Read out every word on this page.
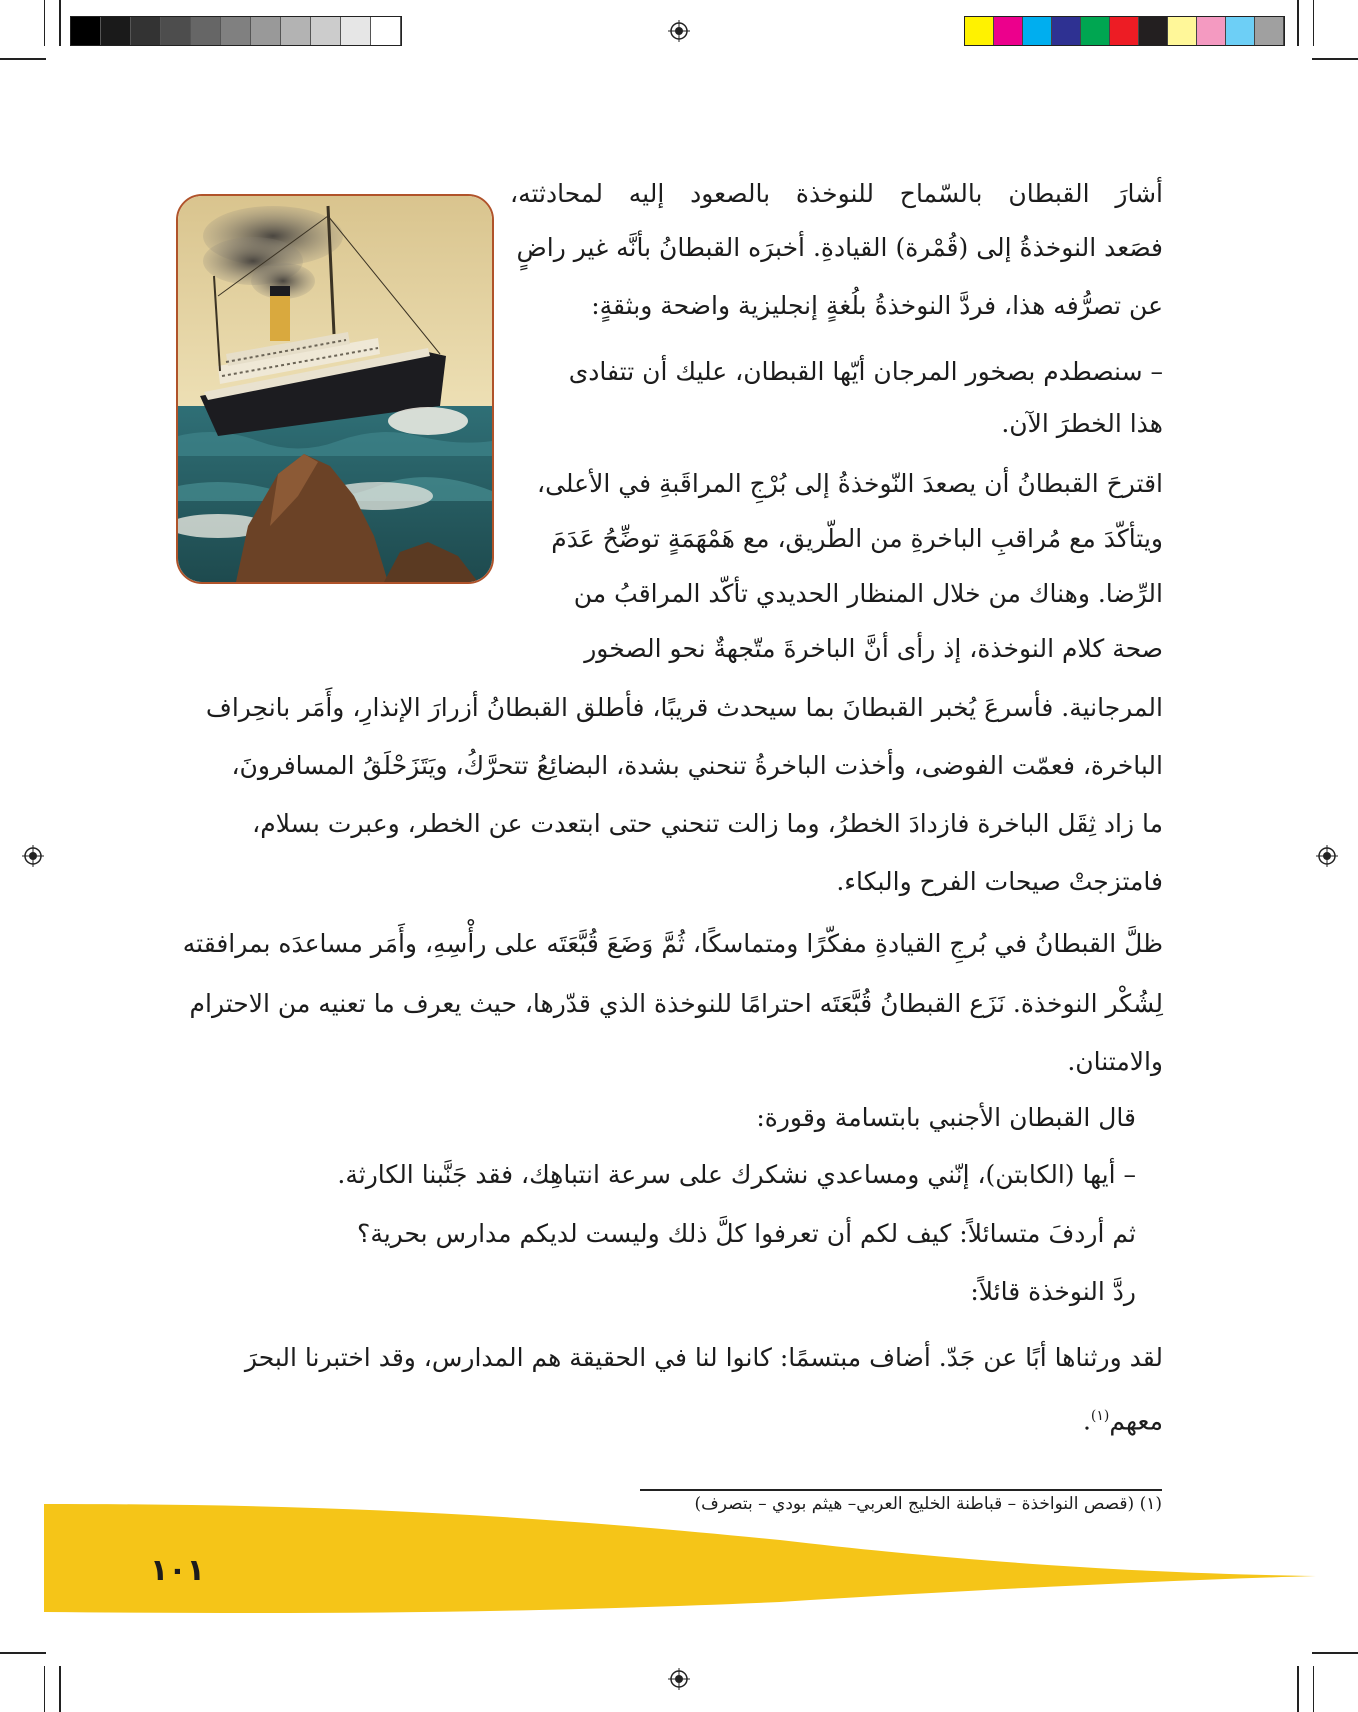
أشارَ القبطان بالسّماح للنوخذة بالصعود إليه لمحادثته،
فصَعد النوخذةُ إلى (قُمْرة) القيادةِ. أخبرَه القبطانُ بأنَّه غير راضٍ
عن تصرُّفه هذا، فردَّ النوخذةُ بلُغةٍ إنجليزية واضحة وبثقةٍ:
– سنصطدم بصخور المرجان أيّها القبطان، عليك أن تتفادى
هذا الخطرَ الآن.
اقترحَ القبطانُ أن يصعدَ النّوخذةُ إلى بُرْجِ المراقَبةِ في الأعلى،
ويتأكّدَ مع مُراقبِ الباخرةِ من الطّريق، مع هَمْهَمَةٍ توضِّحُ عَدَمَ
الرِّضا. وهناك من خلال المنظار الحديدي تأكّد المراقبُ من
صحة كلام النوخذة، إذ رأى أنَّ الباخرةَ متّجهةٌ نحو الصخور
المرجانية. فأسرعَ يُخبر القبطانَ بما سيحدث قريبًا، فأطلق القبطانُ أزرارَ الإنذارِ، وأَمَر بانحِراف
الباخرة، فعمّت الفوضى، وأخذت الباخرةُ تنحني بشدة، البضائِعُ تتحرَّكُ، ويَتَزَحْلَقُ المسافرونَ،
ما زاد ثِقَل الباخرة فازدادَ الخطرُ، وما زالت تنحني حتى ابتعدت عن الخطر، وعبرت بسلام،
فامتزجتْ صيحات الفرح والبكاء.
ظلَّ القبطانُ في بُرجِ القيادةِ مفكّرًا ومتماسكًا، ثُمَّ وَضَعَ قُبَّعَتَه على رأْسِهِ، وأَمَر مساعدَه بمرافقته
لِشُكْر النوخذة. نَزَع القبطانُ قُبَّعَتَه احترامًا للنوخذة الذي قدّرها، حيث يعرف ما تعنيه من الاحترام
والامتنان.
قال القبطان الأجنبي بابتسامة وقورة:
– أيها (الكابتن)، إنّني ومساعدي نشكرك على سرعة انتباهِك، فقد جَنَّبنا الكارثة.
ثم أردفَ متسائلاً: كيف لكم أن تعرفوا كلَّ ذلك وليست لديكم مدارس بحرية؟
ردَّ النوخذة قائلاً:
لقد ورثناها أبًا عن جَدّ. أضاف مبتسمًا: كانوا لنا في الحقيقة هم المدارس، وقد اختبرنا البحرَ
معهم$^{(١)}$.
(١) (قصص النواخذة – قباطنة الخليج العربي– هيثم بودي – بتصرف)
١٠١
